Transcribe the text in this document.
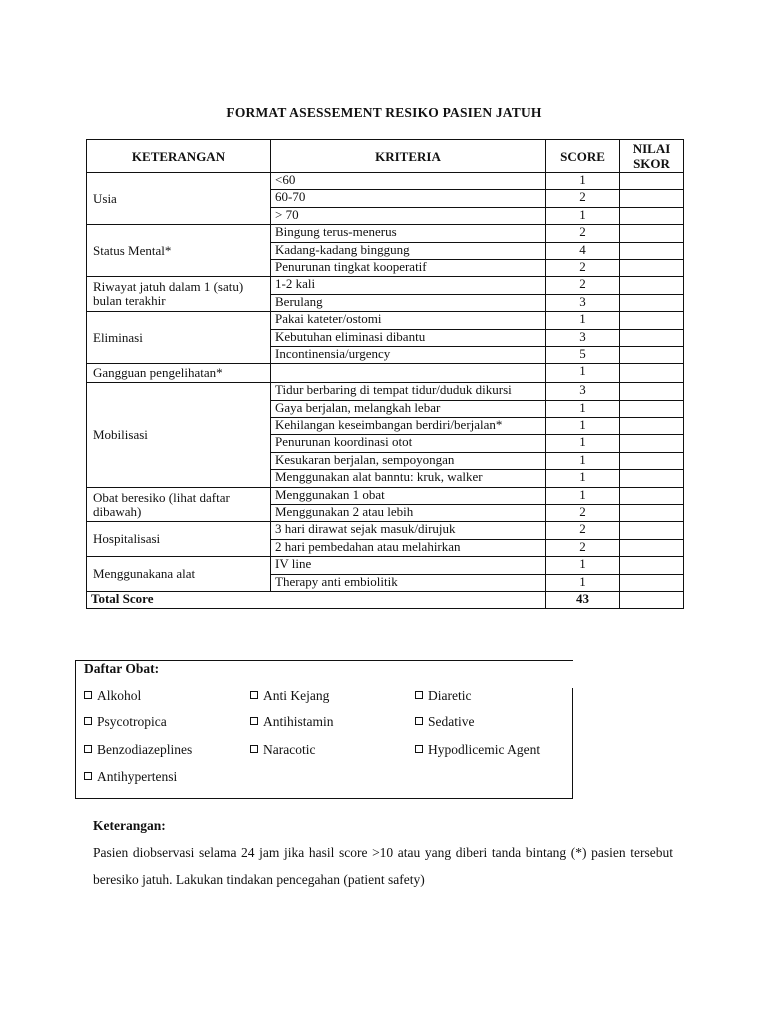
FORMAT ASESSEMENT RESIKO PASIEN JATUH
KETERANGAN	KRITERIA	SCORE	NILAI SKOR
Usia	<60	1	
	60-70	2	
	> 70	1	
Status Mental*	Bingung terus-menerus	2	
	Kadang-kadang binggung	4	
	Penurunan tingkat kooperatif	2	
Riwayat jatuh dalam 1 (satu) bulan terakhir	1-2 kali	2	
	Berulang	3	
Eliminasi	Pakai kateter/ostomi	1	
	Kebutuhan eliminasi dibantu	3	
	Incontinensia/urgency	5	
Gangguan pengelihatan*		1	
Mobilisasi	Tidur berbaring di tempat tidur/duduk dikursi	3	
	Gaya berjalan, melangkah lebar	1	
	Kehilangan keseimbangan berdiri/berjalan*	1	
	Penurunan koordinasi otot	1	
	Kesukaran berjalan, sempoyongan	1	
	Menggunakan alat banntu: kruk, walker	1	
Obat beresiko (lihat daftar dibawah)	Menggunakan 1 obat	1	
	Menggunakan 2 atau lebih	2	
Hospitalisasi	3 hari dirawat sejak masuk/dirujuk	2	
	2 hari pembedahan atau melahirkan	2	
Menggunakana alat	IV line	1	
	Therapy anti embiolitik	1	
Total Score		43	
Daftar Obat:
Alkohol
Psycotropica
Benzodiazeplines
Antihypertensi
Anti Kejang
Antihistamin
Naracotic
Diaretic
Sedative
Hypodlicemic Agent
Keterangan:
Pasien diobservasi selama 24 jam jika hasil score >10 atau yang diberi tanda bintang (*) pasien tersebut beresiko jatuh. Lakukan tindakan pencegahan (patient safety)
